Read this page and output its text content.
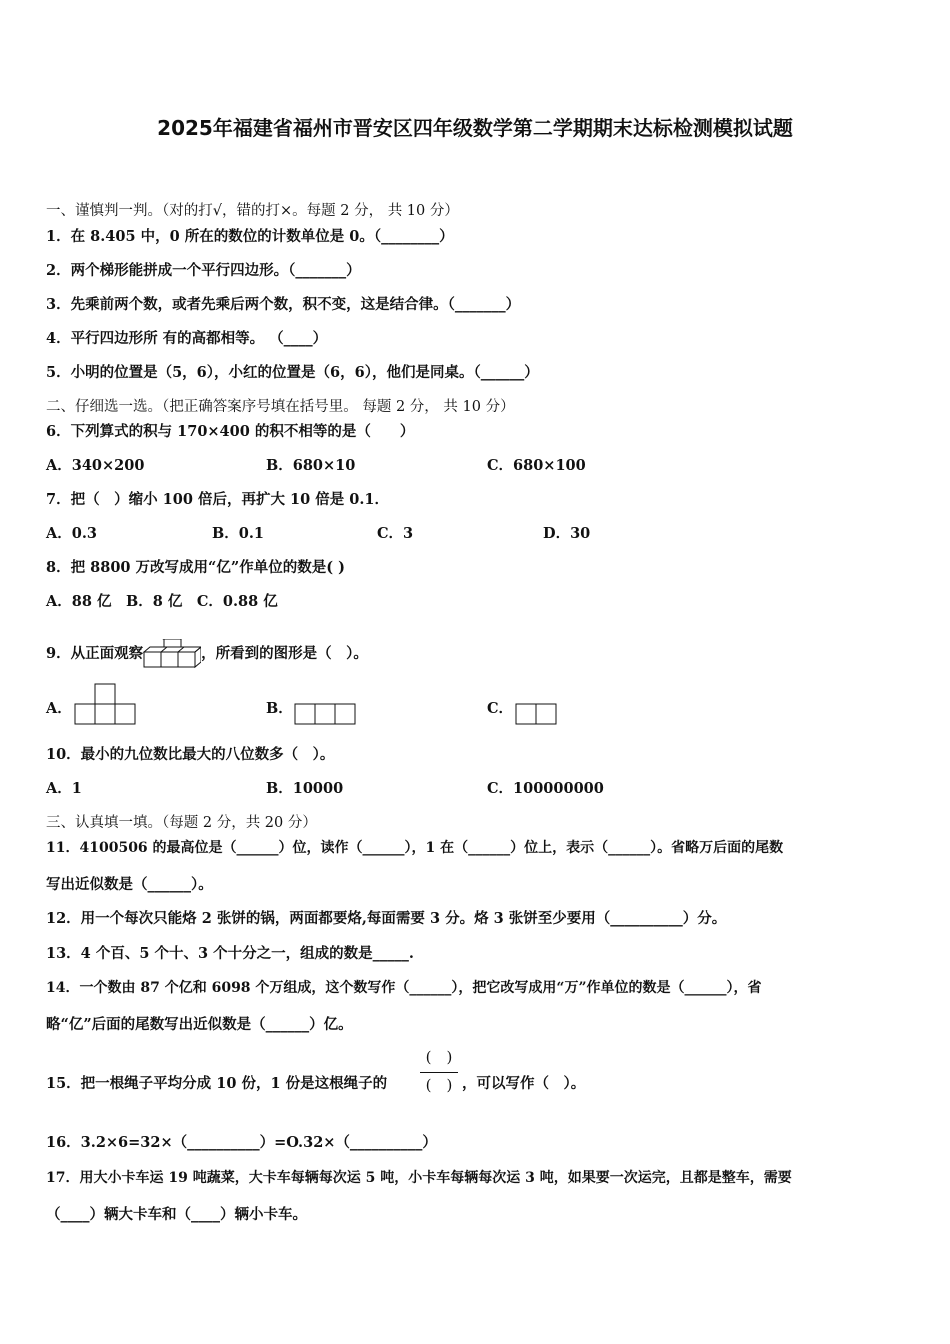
2025年福建省福州市晋安区四年级数学第二学期期末达标检测模拟试题
一、谨慎判一判。（对的打√，错的打×。每题 2 分， 共 10 分）
1．在 8.405 中，0 所在的数位的计数单位是 0。（________）
2．两个梯形能拼成一个平行四边形。（_______）
3．先乘前两个数，或者先乘后两个数，积不变，这是结合律。（_______）
4．平行四边形所 有的高都相等。 （____）
5．小明的位置是（5，6），小红的位置是（6，6），他们是同桌。（______）
二、仔细选一选。（把正确答案序号填在括号里。 每题 2 分， 共 10 分）
6．下列算式的积与 170×400 的积不相等的是（　　）
A．340×200	B．680×10	C．680×100
7．把（　）缩小 100 倍后，再扩大 10 倍是 0.1．
A．0.3	B．0.1	C．3	D．30
8．把 8800 万改写成用“亿”作单位的数是( )
A．88 亿　B．8 亿　C．0.88 亿
9．从正面观察	，所看到的图形是（　）。
A．	B．	C．
10．最小的九位数比最大的八位数多（　）。
A．1	B．10000	C．100000000
三、认真填一填。（每题 2 分，共 20 分）
11．4100506 的最高位是（______）位，读作（______），1 在（______）位上，表示（______）。省略万后面的尾数
写出近似数是（______）。
12．用一个每次只能烙 2 张饼的锅，两面都要烙,每面需要 3 分。烙 3 张饼至少要用（__________）分。
13．4 个百、5 个十、3 个十分之一，组成的数是_____.
14．一个数由 87 个亿和 6098 个万组成，这个数写作（______），把它改写成用“万”作单位的数是（______），省
略“亿”后面的尾数写出近似数是（______）亿。
15．把一根绳子平均分成 10 份，1 份是这根绳子的
(　)
(　) ，可以写作（　）。
16．3.2×6=32×（__________）=O.32×（__________）
17．用大小卡车运 19 吨蔬菜，大卡车每辆每次运 5 吨，小卡车每辆每次运 3 吨，如果要一次运完，且都是整车，需要
（____）辆大卡车和（____）辆小卡车。
